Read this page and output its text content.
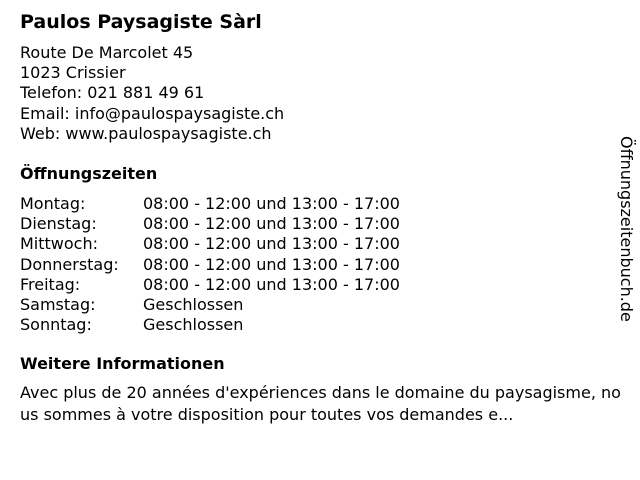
Paulos Paysagiste Sàrl
Route De Marcolet 45
1023 Crissier
Telefon: 021 881 49 61
Email: info@paulospaysagiste.ch
Web: www.paulospaysagiste.ch
Öffnungszeiten
Montag:	08:00 - 12:00 und 13:00 - 17:00
Dienstag:	08:00 - 12:00 und 13:00 - 17:00
Mittwoch:	08:00 - 12:00 und 13:00 - 17:00
Donnerstag:	08:00 - 12:00 und 13:00 - 17:00
Freitag:	08:00 - 12:00 und 13:00 - 17:00
Samstag:	Geschlossen
Sonntag:	Geschlossen
Weitere Informationen
Avec plus de 20 années d'expériences dans le domaine du paysagisme, nous sommes à votre disposition pour toutes vos demandes e...
Öffnungszeitenbuch.de
